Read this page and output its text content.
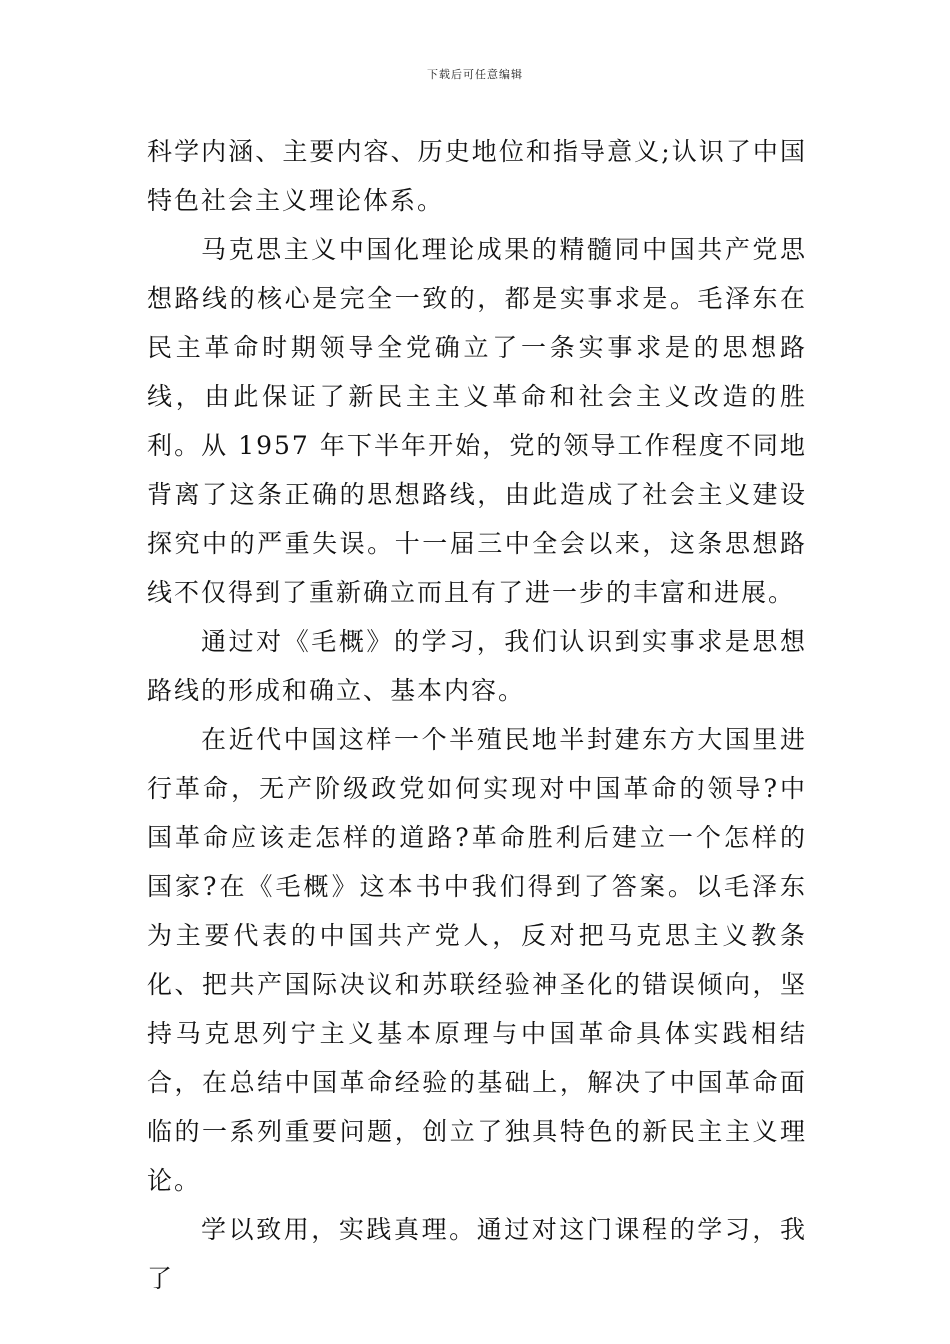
下载后可任意编辑

科学内涵、主要内容、历史地位和指导意义;认识了中国特色社会主义理论体系。

马克思主义中国化理论成果的精髓同中国共产党思想路线的核心是完全一致的，都是实事求是。毛泽东在民主革命时期领导全党确立了一条实事求是的思想路线，由此保证了新民主主义革命和社会主义改造的胜利。从 1957 年下半年开始，党的领导工作程度不同地背离了这条正确的思想路线，由此造成了社会主义建设探究中的严重失误。十一届三中全会以来，这条思想路线不仅得到了重新确立而且有了进一步的丰富和进展。

通过对《毛概》的学习，我们认识到实事求是思想路线的形成和确立、基本内容。

在近代中国这样一个半殖民地半封建东方大国里进行革命，无产阶级政党如何实现对中国革命的领导?中国革命应该走怎样的道路?革命胜利后建立一个怎样的国家?在《毛概》这本书中我们得到了答案。以毛泽东为主要代表的中国共产党人，反对把马克思主义教条化、把共产国际决议和苏联经验神圣化的错误倾向，坚持马克思列宁主义基本原理与中国革命具体实践相结合，在总结中国革命经验的基础上，解决了中国革命面临的一系列重要问题，创立了独具特色的新民主主义理论。

学以致用，实践真理。通过对这门课程的学习，我了
